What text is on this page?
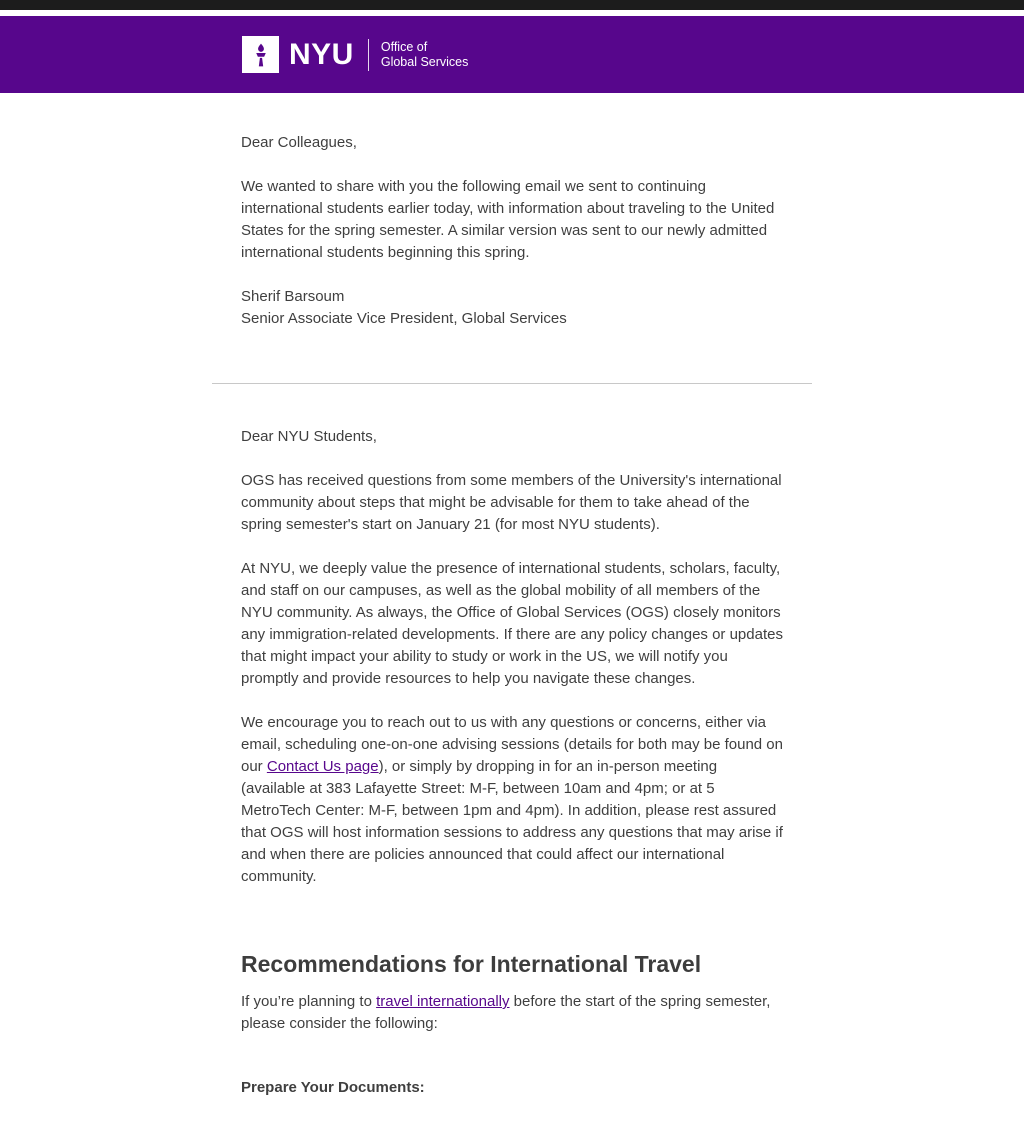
NYU Office of
Global Services

Dear Colleagues,

We wanted to share with you the following email we sent to continuing international students earlier today, with information about traveling to the United States for the spring semester. A similar version was sent to our newly admitted international students beginning this spring.

Sherif Barsoum
Senior Associate Vice President, Global Services

Dear NYU Students,

OGS has received questions from some members of the University's international community about steps that might be advisable for them to take ahead of the spring semester's start on January 21 (for most NYU students).

At NYU, we deeply value the presence of international students, scholars, faculty, and staff on our campuses, as well as the global mobility of all members of the NYU community. As always, the Office of Global Services (OGS) closely monitors any immigration-related developments. If there are any policy changes or updates that might impact your ability to study or work in the US, we will notify you promptly and provide resources to help you navigate these changes.

We encourage you to reach out to us with any questions or concerns, either via email, scheduling one-on-one advising sessions (details for both may be found on our Contact Us page), or simply by dropping in for an in-person meeting (available at 383 Lafayette Street: M-F, between 10am and 4pm; or at 5 MetroTech Center: M-F, between 1pm and 4pm). In addition, please rest assured that OGS will host information sessions to address any questions that may arise if and when there are policies announced that could affect our international community.

Recommendations for International Travel

If you’re planning to travel internationally before the start of the spring semester, please consider the following:

Prepare Your Documents:
